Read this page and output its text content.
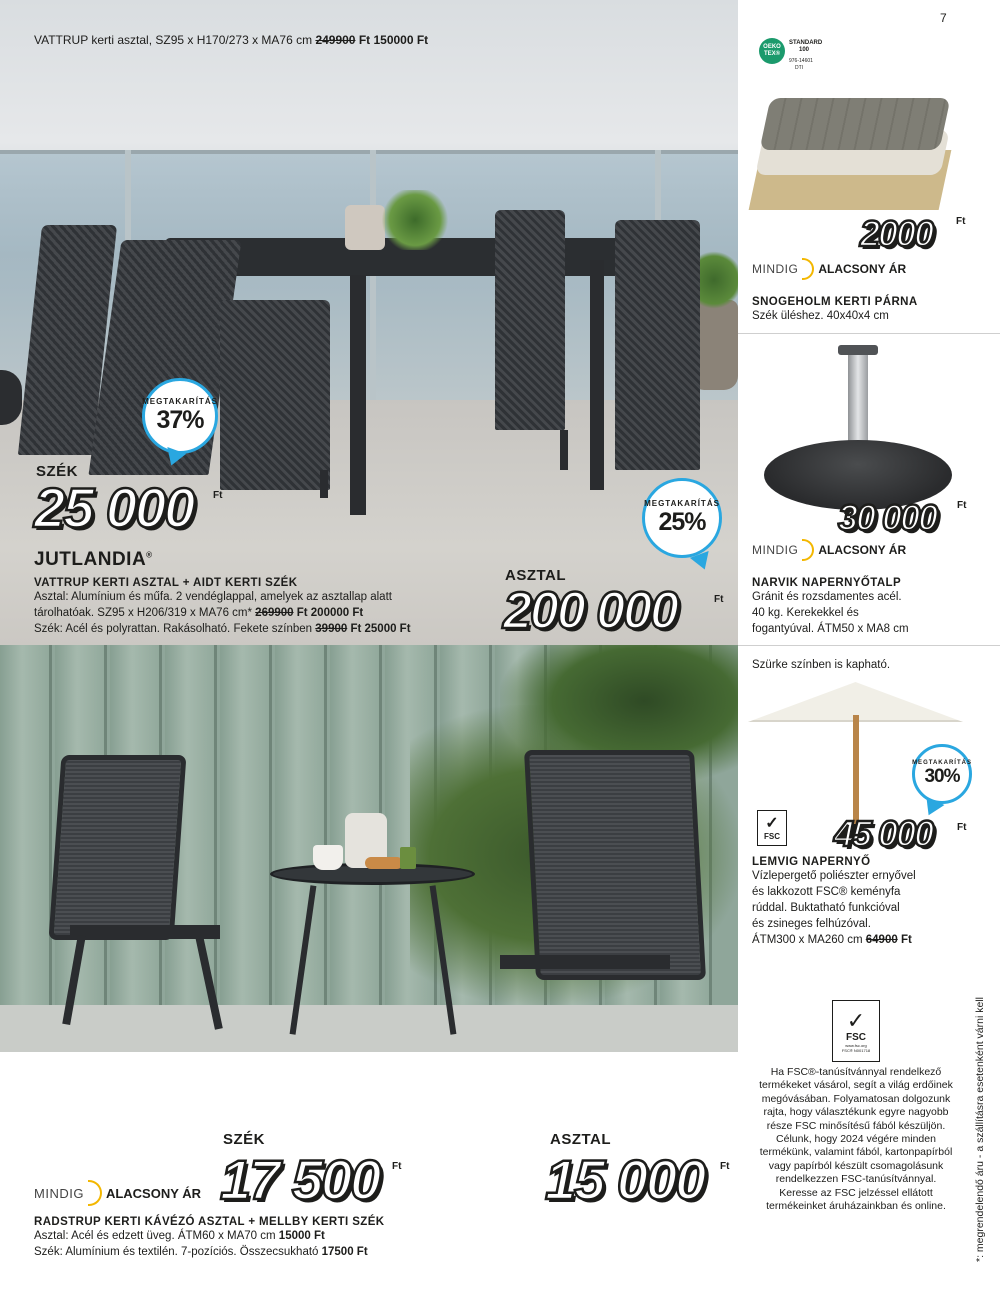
VATTRUP kerti asztal, SZ95 x H170/273 x MA76 cm 249900 Ft 150000 Ft
MEGTAKARÍTÁS
37%
SZÉK
25 000 Ft
JUTLANDIA®
VATTRUP KERTI ASZTAL + AIDT KERTI SZÉK
Asztal: Alumínium és műfa. 2 vendéglappal, amelyek az asztallap alatt
tárolhatóak. SZ95 x H206/319 x MA76 cm* 269900 Ft 200000 Ft
Szék: Acél és polyrattan. Rakásolható. Fekete színben 39900 Ft 25000 Ft
MEGTAKARÍTÁS
25%
ASZTAL
200 000	Ft
7
OEKO
TEX®
STANDARD
100
976-14601
DTI
2000 Ft
MINDIG ALACSONY ÁR
SNOGEHOLM KERTI PÁRNA
Szék üléshez. 40x40x4 cm
30 000 Ft
MINDIG ALACSONY ÁR
NARVIK NAPERNYŐTALP
Gránit és rozsdamentes acél.
40 kg. Kerekekkel és
fogantyúval. ÁTM50 x MA8 cm
Szürke színben is kapható.
MEGTAKARÍTÁS
30%
✓
FSC 45 000 Ft
LEMVIG NAPERNYŐ
Vízlepergető poliészter ernyővel
és lakkozott FSC® keményfa
rúddal. Buktatható funkcióval
és zsineges felhúzóval.
ÁTM300 x MA260 cm 64900 Ft
✓
FSC
www.fsc.org
FSC® N001718
Ha FSC®-tanúsítvánnyal rendelkező termékeket vásárol, segít a világ erdőinek megóvásában. Folyamatosan dolgozunk rajta, hogy választékunk egyre nagyobb része FSC minősítésű fából készüljön. Célunk, hogy 2024 végére minden termékünk, valamint fából, kartonpapírból vagy papírból készült csomagolásunk rendelkezzen FSC-tanúsítvánnyal. Keresse az FSC jelzéssel ellátott termékeinket áruházainkban és online.	*: megrendelendő áru - a szállításra esetenként várni kell
MINDIG ALACSONY ÁR
SZÉK
17 500 Ft
ASZTAL
15 000 Ft
RADSTRUP KERTI KÁVÉZÓ ASZTAL + MELLBY KERTI SZÉK
Asztal: Acél és edzett üveg. ÁTM60 x MA70 cm 15000 Ft
Szék: Alumínium és textilén. 7-pozíciós. Összecsukható 17500 Ft
